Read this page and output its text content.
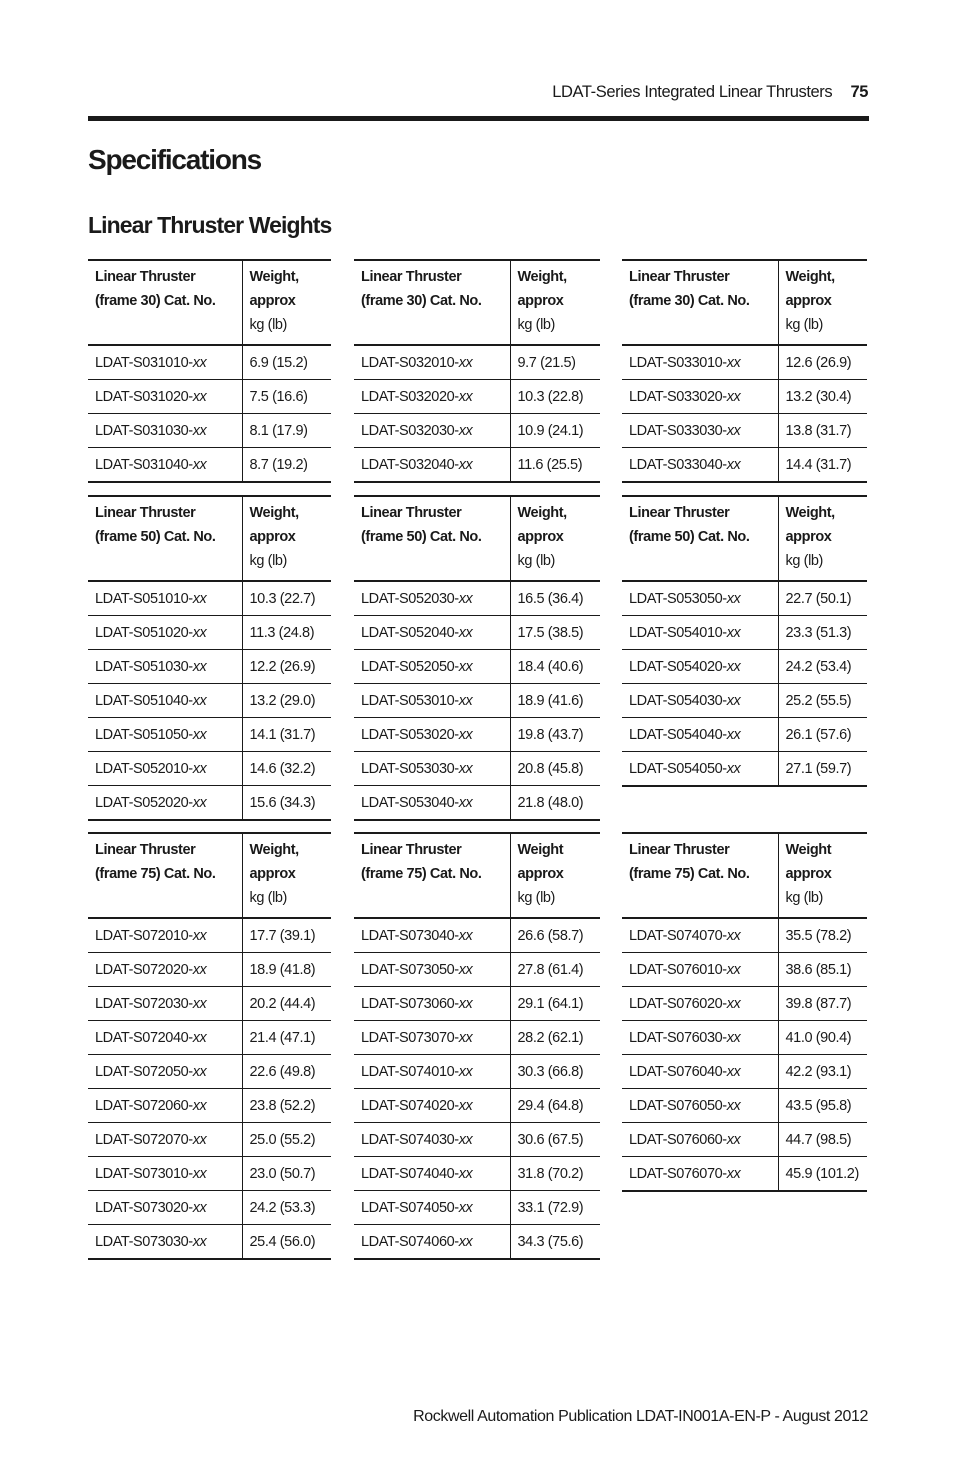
LDAT-Series Integrated Linear Thrusters 75
Specifications
Linear Thruster Weights
Linear Thruster (frame 30) Cat. No.	Weight, approx
kg (lb)
LDAT-S031010-xx	6.9 (15.2)
LDAT-S031020-xx	7.5 (16.6)
LDAT-S031030-xx	8.1 (17.9)
LDAT-S031040-xx	8.7 (19.2)
Linear Thruster (frame 30) Cat. No.	Weight, approx
kg (lb)
LDAT-S032010-xx	9.7 (21.5)
LDAT-S032020-xx	10.3 (22.8)
LDAT-S032030-xx	10.9 (24.1)
LDAT-S032040-xx	11.6 (25.5)
Linear Thruster (frame 30) Cat. No.	Weight, approx
kg (lb)
LDAT-S033010-xx	12.6 (26.9)
LDAT-S033020-xx	13.2 (30.4)
LDAT-S033030-xx	13.8 (31.7)
LDAT-S033040-xx	14.4 (31.7)
Linear Thruster (frame 50) Cat. No.	Weight, approx
kg (lb)
LDAT-S051010-xx	10.3 (22.7)
LDAT-S051020-xx	11.3 (24.8)
LDAT-S051030-xx	12.2 (26.9)
LDAT-S051040-xx	13.2 (29.0)
LDAT-S051050-xx	14.1 (31.7)
LDAT-S052010-xx	14.6 (32.2)
LDAT-S052020-xx	15.6 (34.3)
Linear Thruster (frame 50) Cat. No.	Weight, approx
kg (lb)
LDAT-S052030-xx	16.5 (36.4)
LDAT-S052040-xx	17.5 (38.5)
LDAT-S052050-xx	18.4 (40.6)
LDAT-S053010-xx	18.9 (41.6)
LDAT-S053020-xx	19.8 (43.7)
LDAT-S053030-xx	20.8 (45.8)
LDAT-S053040-xx	21.8 (48.0)
Linear Thruster (frame 50) Cat. No.	Weight, approx
kg (lb)
LDAT-S053050-xx	22.7 (50.1)
LDAT-S054010-xx	23.3 (51.3)
LDAT-S054020-xx	24.2 (53.4)
LDAT-S054030-xx	25.2 (55.5)
LDAT-S054040-xx	26.1 (57.6)
LDAT-S054050-xx	27.1 (59.7)
Linear Thruster (frame 75) Cat. No.	Weight, approx
kg (lb)
LDAT-S072010-xx	17.7 (39.1)
LDAT-S072020-xx	18.9 (41.8)
LDAT-S072030-xx	20.2 (44.4)
LDAT-S072040-xx	21.4 (47.1)
LDAT-S072050-xx	22.6 (49.8)
LDAT-S072060-xx	23.8 (52.2)
LDAT-S072070-xx	25.0 (55.2)
LDAT-S073010-xx	23.0 (50.7)
LDAT-S073020-xx	24.2 (53.3)
LDAT-S073030-xx	25.4 (56.0)
Linear Thruster (frame 75) Cat. No.	Weight approx
kg (lb)
LDAT-S073040-xx	26.6 (58.7)
LDAT-S073050-xx	27.8 (61.4)
LDAT-S073060-xx	29.1 (64.1)
LDAT-S073070-xx	28.2 (62.1)
LDAT-S074010-xx	30.3 (66.8)
LDAT-S074020-xx	29.4 (64.8)
LDAT-S074030-xx	30.6 (67.5)
LDAT-S074040-xx	31.8 (70.2)
LDAT-S074050-xx	33.1 (72.9)
LDAT-S074060-xx	34.3 (75.6)
Linear Thruster (frame 75) Cat. No.	Weight approx
kg (lb)
LDAT-S074070-xx	35.5 (78.2)
LDAT-S076010-xx	38.6 (85.1)
LDAT-S076020-xx	39.8 (87.7)
LDAT-S076030-xx	41.0 (90.4)
LDAT-S076040-xx	42.2 (93.1)
LDAT-S076050-xx	43.5 (95.8)
LDAT-S076060-xx	44.7 (98.5)
LDAT-S076070-xx	45.9 (101.2)
Rockwell Automation Publication LDAT-IN001A-EN-P - August 2012
